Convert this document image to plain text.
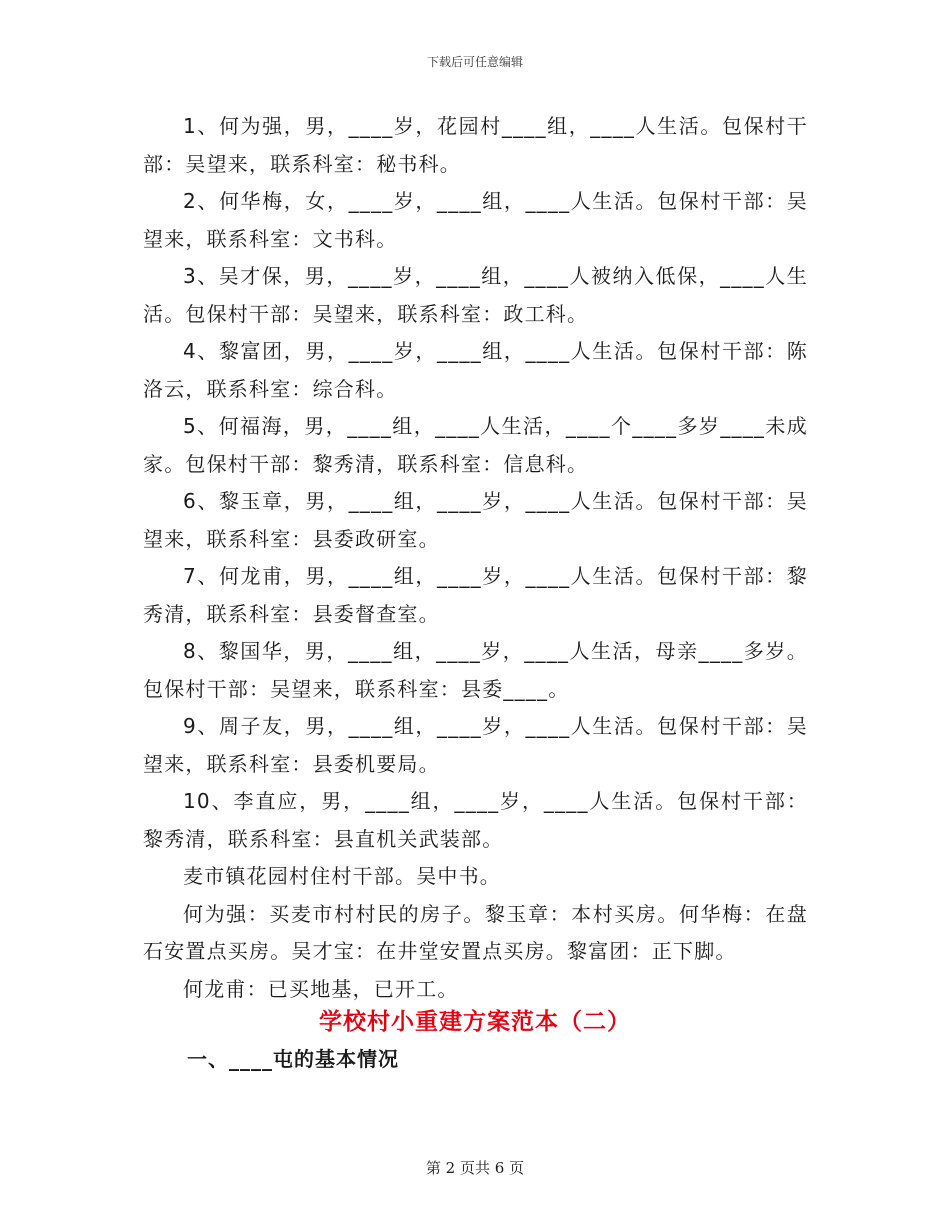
下载后可任意编辑

1、何为强，男，____岁，花园村____组，____人生活。包保村干部：吴望来，联系科室：秘书科。

2、何华梅，女，____岁，____组，____人生活。包保村干部：吴望来，联系科室：文书科。

3、吴才保，男，____岁，____组，____人被纳入低保，____人生活。包保村干部：吴望来，联系科室：政工科。

4、黎富团，男，____岁，____组，____人生活。包保村干部：陈洛云，联系科室：综合科。

5、何福海，男，____组，____人生活，____个____多岁____未成家。包保村干部：黎秀清，联系科室：信息科。

6、黎玉章，男，____组，____岁，____人生活。包保村干部：吴望来，联系科室：县委政研室。

7、何龙甫，男，____组，____岁，____人生活。包保村干部：黎秀清，联系科室：县委督查室。

8、黎国华，男，____组，____岁，____人生活，母亲____多岁。包保村干部：吴望来，联系科室：县委____。

9、周子友，男，____组，____岁，____人生活。包保村干部：吴望来，联系科室：县委机要局。

10、李直应，男，____组，____岁，____人生活。包保村干部：黎秀清，联系科室：县直机关武装部。

麦市镇花园村住村干部。吴中书。

何为强：买麦市村村民的房子。黎玉章：本村买房。何华梅：在盘石安置点买房。吴才宝：在井堂安置点买房。黎富团：正下脚。

何龙甫：已买地基，已开工。

学校村小重建方案范本（二）
一、____屯的基本情况
第 2 页共 6 页
